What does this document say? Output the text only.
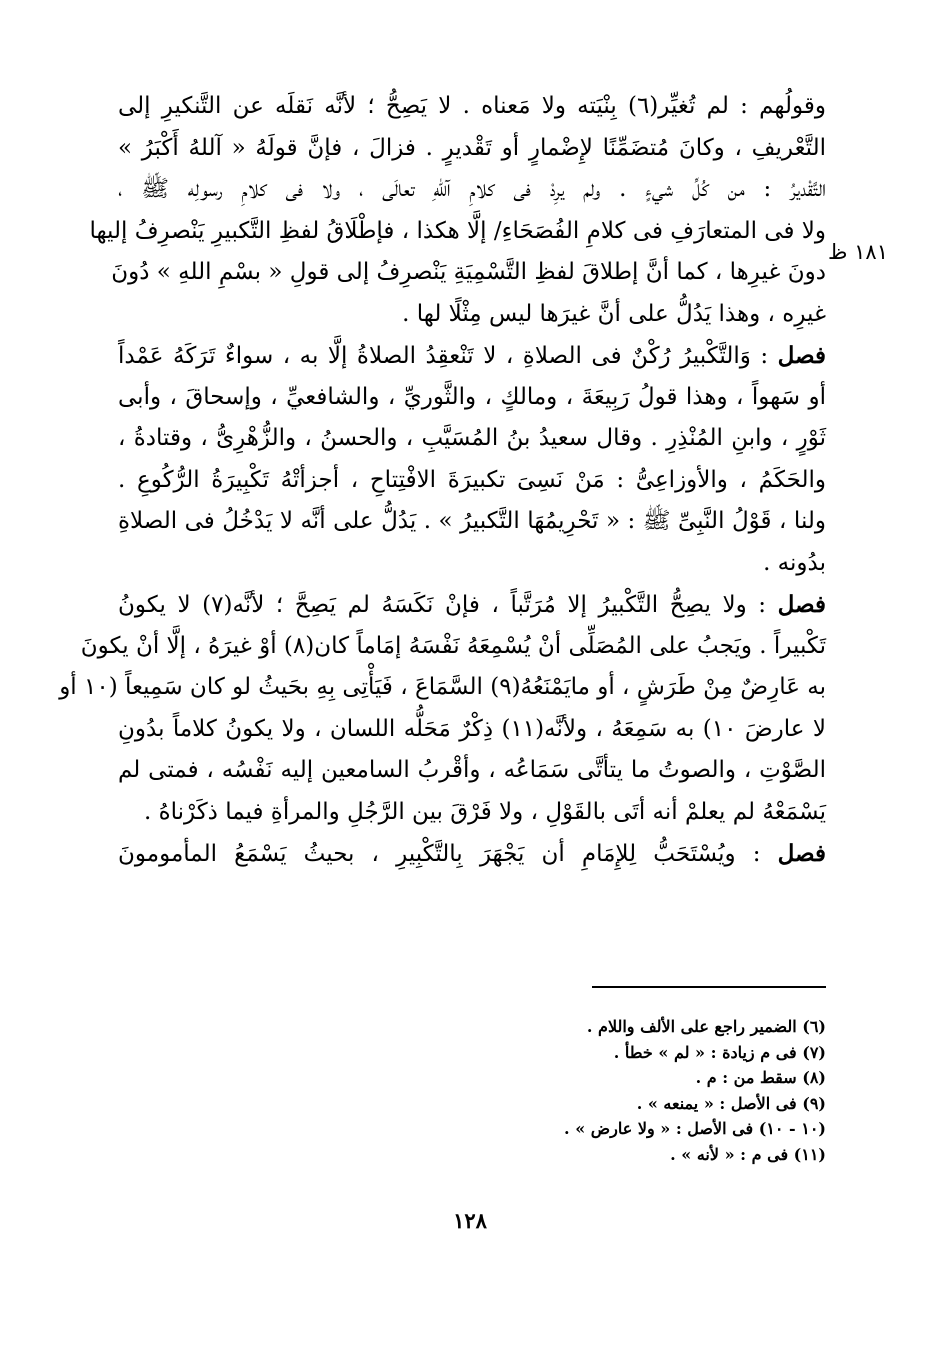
١٨١ ظ
وقولُهم : لم تُغيِّر(٦) بِنْيَته ولا مَعناه . لا يَصِحُّ ؛ لأنَّه نَقلَه عن التَّنكيرِ إلى
التَّعْريفِ ، وكانَ مُتضَمِّنًا لإِضْمارٍ أو تَقْديرٍ . فزالَ ، فإنَّ قولَهُ « آللهُ أَكْبَرُ »
التَّقْديرُ : من كُلِّ شيءٍ . ولم يرِدْ فى كلامِ آللهِ تعالَى ، ولا فى كلامِ رسولِه ﷺ ،
ولا فى المتعارَفِ فى كلامِ الفُصَحَاءِ/ إلَّا هكذا ، فإطْلَاقُ لفظِ التَّكبيرِ يَنْصرِفُ إليها
دونَ غيرِها ، كما أنَّ إطلاقَ لفظِ التَّسْمِيَةِ يَنْصرِفُ إلى قولِ « بسْمِ اللهِ » دُونَ
غيرِه ، وهذا يَدُلُّ على أنَّ غيرَها ليس مِثْلًا لها .
فصل : وَالتَّكْبيرُ رُكْنٌ فى الصلاةِ ، لا تَنْعقِدُ الصلاةُ إلَّا به ، سواءٌ تَرَكَهُ عَمْداً
أو سَهواً ، وهذا قولُ رَبِيعَةَ ، ومالكٍ ، والثَّوريِّ ، والشافعيِّ ، وإسحاقَ ، وأبى
ثَوْرٍ ، وابنِ المُنْذِرِ . وقال سعيدُ بنُ المُسَيَّبِ ، والحسنُ ، والزُّهْرِىُّ ، وقتادةُ ،
والحَكَمُ ، والأوزاعِىُّ : مَنْ نَسِىَ تكبيرَةَ الافْتِتاحِ ، أجزأتْهُ تَكْبِيرَةُ الرُّكُوعِ .
ولنا ، قَوْلُ النَّبِىِّ ﷺ : « تَحْرِيمُهَا التَّكبيرُ » . يَدُلُّ على أنَّه لا يَدْخُلُ فى الصلاةِ
بدُونه .
فصل : ولا يصِحُّ التَّكْبيرُ إلا مُرَتَّباً ، فإنْ نَكَسَهُ لم يَصِحَّ ؛ لأنَّه(٧) لا يكونُ
تَكْبيراً . ويَجبُ على المُصَلِّى أنْ يُسْمِعَهُ نَفْسَهُ إمَاماً كان(٨) أوْ غيرَهُ ، إلَّا أنْ يكونَ
به عَارِضٌ مِنْ طَرَشٍ ، أو مايَمْنَعُهُ(٩) السَّمَاعَ ، فَيَأْتِى بِهِ بحَيثُ لو كان سَمِيعاً (١٠ أو
لا عارضَ ١٠) به سَمِعَهُ ، ولأنَّه(١١) ذِكْرٌ مَحَلُّه اللسان ، ولا يكونُ كلاماً بدُونِ
الصَّوْتِ ، والصوتُ ما يتأتَّى سَمَاعُه ، وأقْربُ السامعين إليه نَفْسُه ، فمتى لم
يَسْمَعْهُ لم يعلمْ أنه أتَى بالقَوْلِ ، ولا فَرْقَ بين الرَّجُلِ والمرأةِ فيما ذكَرْناهُ .
فصل : ويُسْتَحَبُّ لِلإِمَامِ أن يَجْهَرَ بِالتَّكْبِيرِ ، بحيثُ يَسْمَعُ المأمومونَ
(٦) الضمير راجع على الألف واللام .
(٧) فى م زيادة : « لم » خطأ .
(٨) سقط من : م .
(٩) فى الأصل : « يمنعه » .
(١٠ - ١٠) فى الأصل : « ولا عارض » .
(١١) فى م : « لأنه » .
١٢٨
